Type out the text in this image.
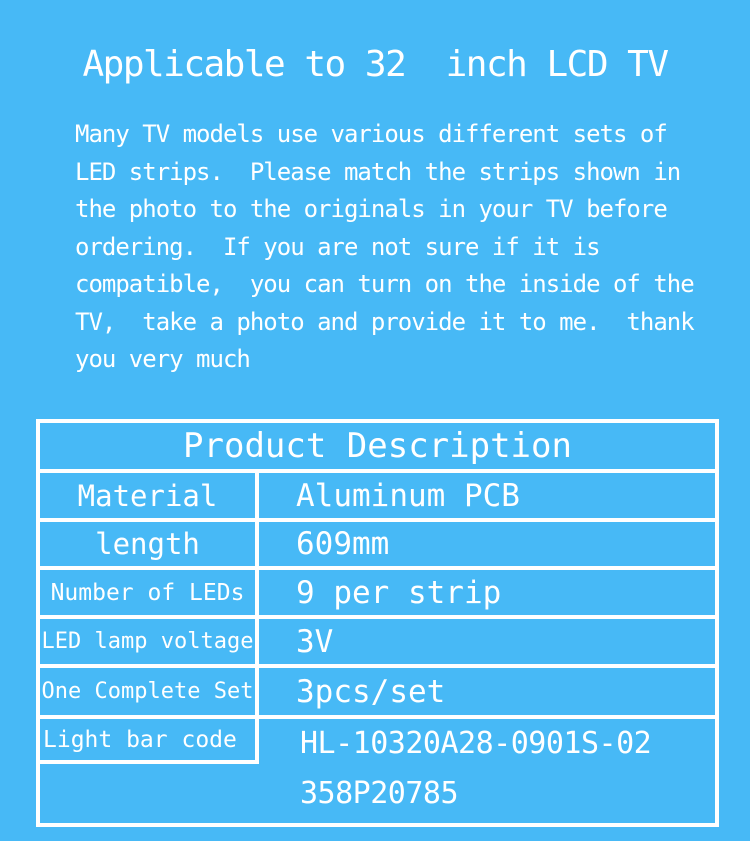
Applicable to 32  inch LCD TV
Many TV models use various different sets of
LED strips.  Please match the strips shown in
the photo to the originals in your TV before
ordering.  If you are not sure if it is
compatible,  you can turn on the inside of the
TV,  take a photo and provide it to me.  thank
you very much
Product Description
Material	Aluminum PCB
length	609mm
Number of LEDs	9 per strip
LED lamp voltage	3V
One Complete Set	3pcs/set
Light bar code	HL-10320A28-0901S-02
358P20785
